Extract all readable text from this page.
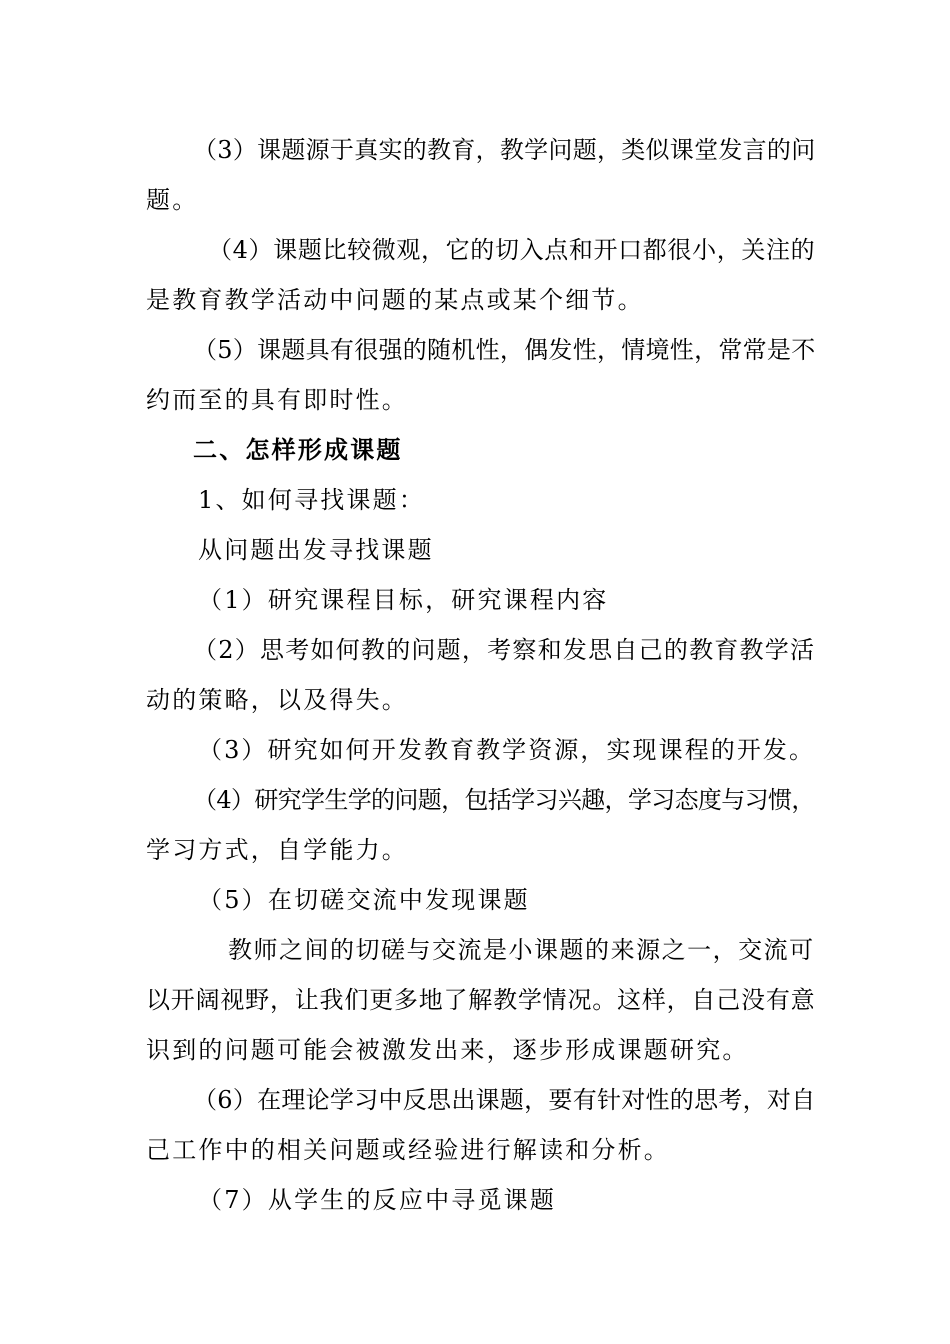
（3）课题源于真实的教育，教学问题，类似课堂发言的问
题。
（4）课题比较微观，它的切入点和开口都很小，关注的
是教育教学活动中问题的某点或某个细节。
（5）课题具有很强的随机性，偶发性，情境性，常常是不
约而至的具有即时性。
二、怎样形成课题
1、如何寻找课题：
从问题出发寻找课题
（1）研究课程目标，研究课程内容
（2）思考如何教的问题，考察和发思自己的教育教学活
动的策略，以及得失。
（3）研究如何开发教育教学资源，实现课程的开发。
（4）研究学生学的问题，包括学习兴趣，学习态度与习惯，
学习方式，自学能力。
（5）在切磋交流中发现课题
教师之间的切磋与交流是小课题的来源之一，交流可
以开阔视野，让我们更多地了解教学情况。这样，自己没有意
识到的问题可能会被激发出来，逐步形成课题研究。
（6）在理论学习中反思出课题，要有针对性的思考，对自
己工作中的相关问题或经验进行解读和分析。
（7）从学生的反应中寻觅课题
